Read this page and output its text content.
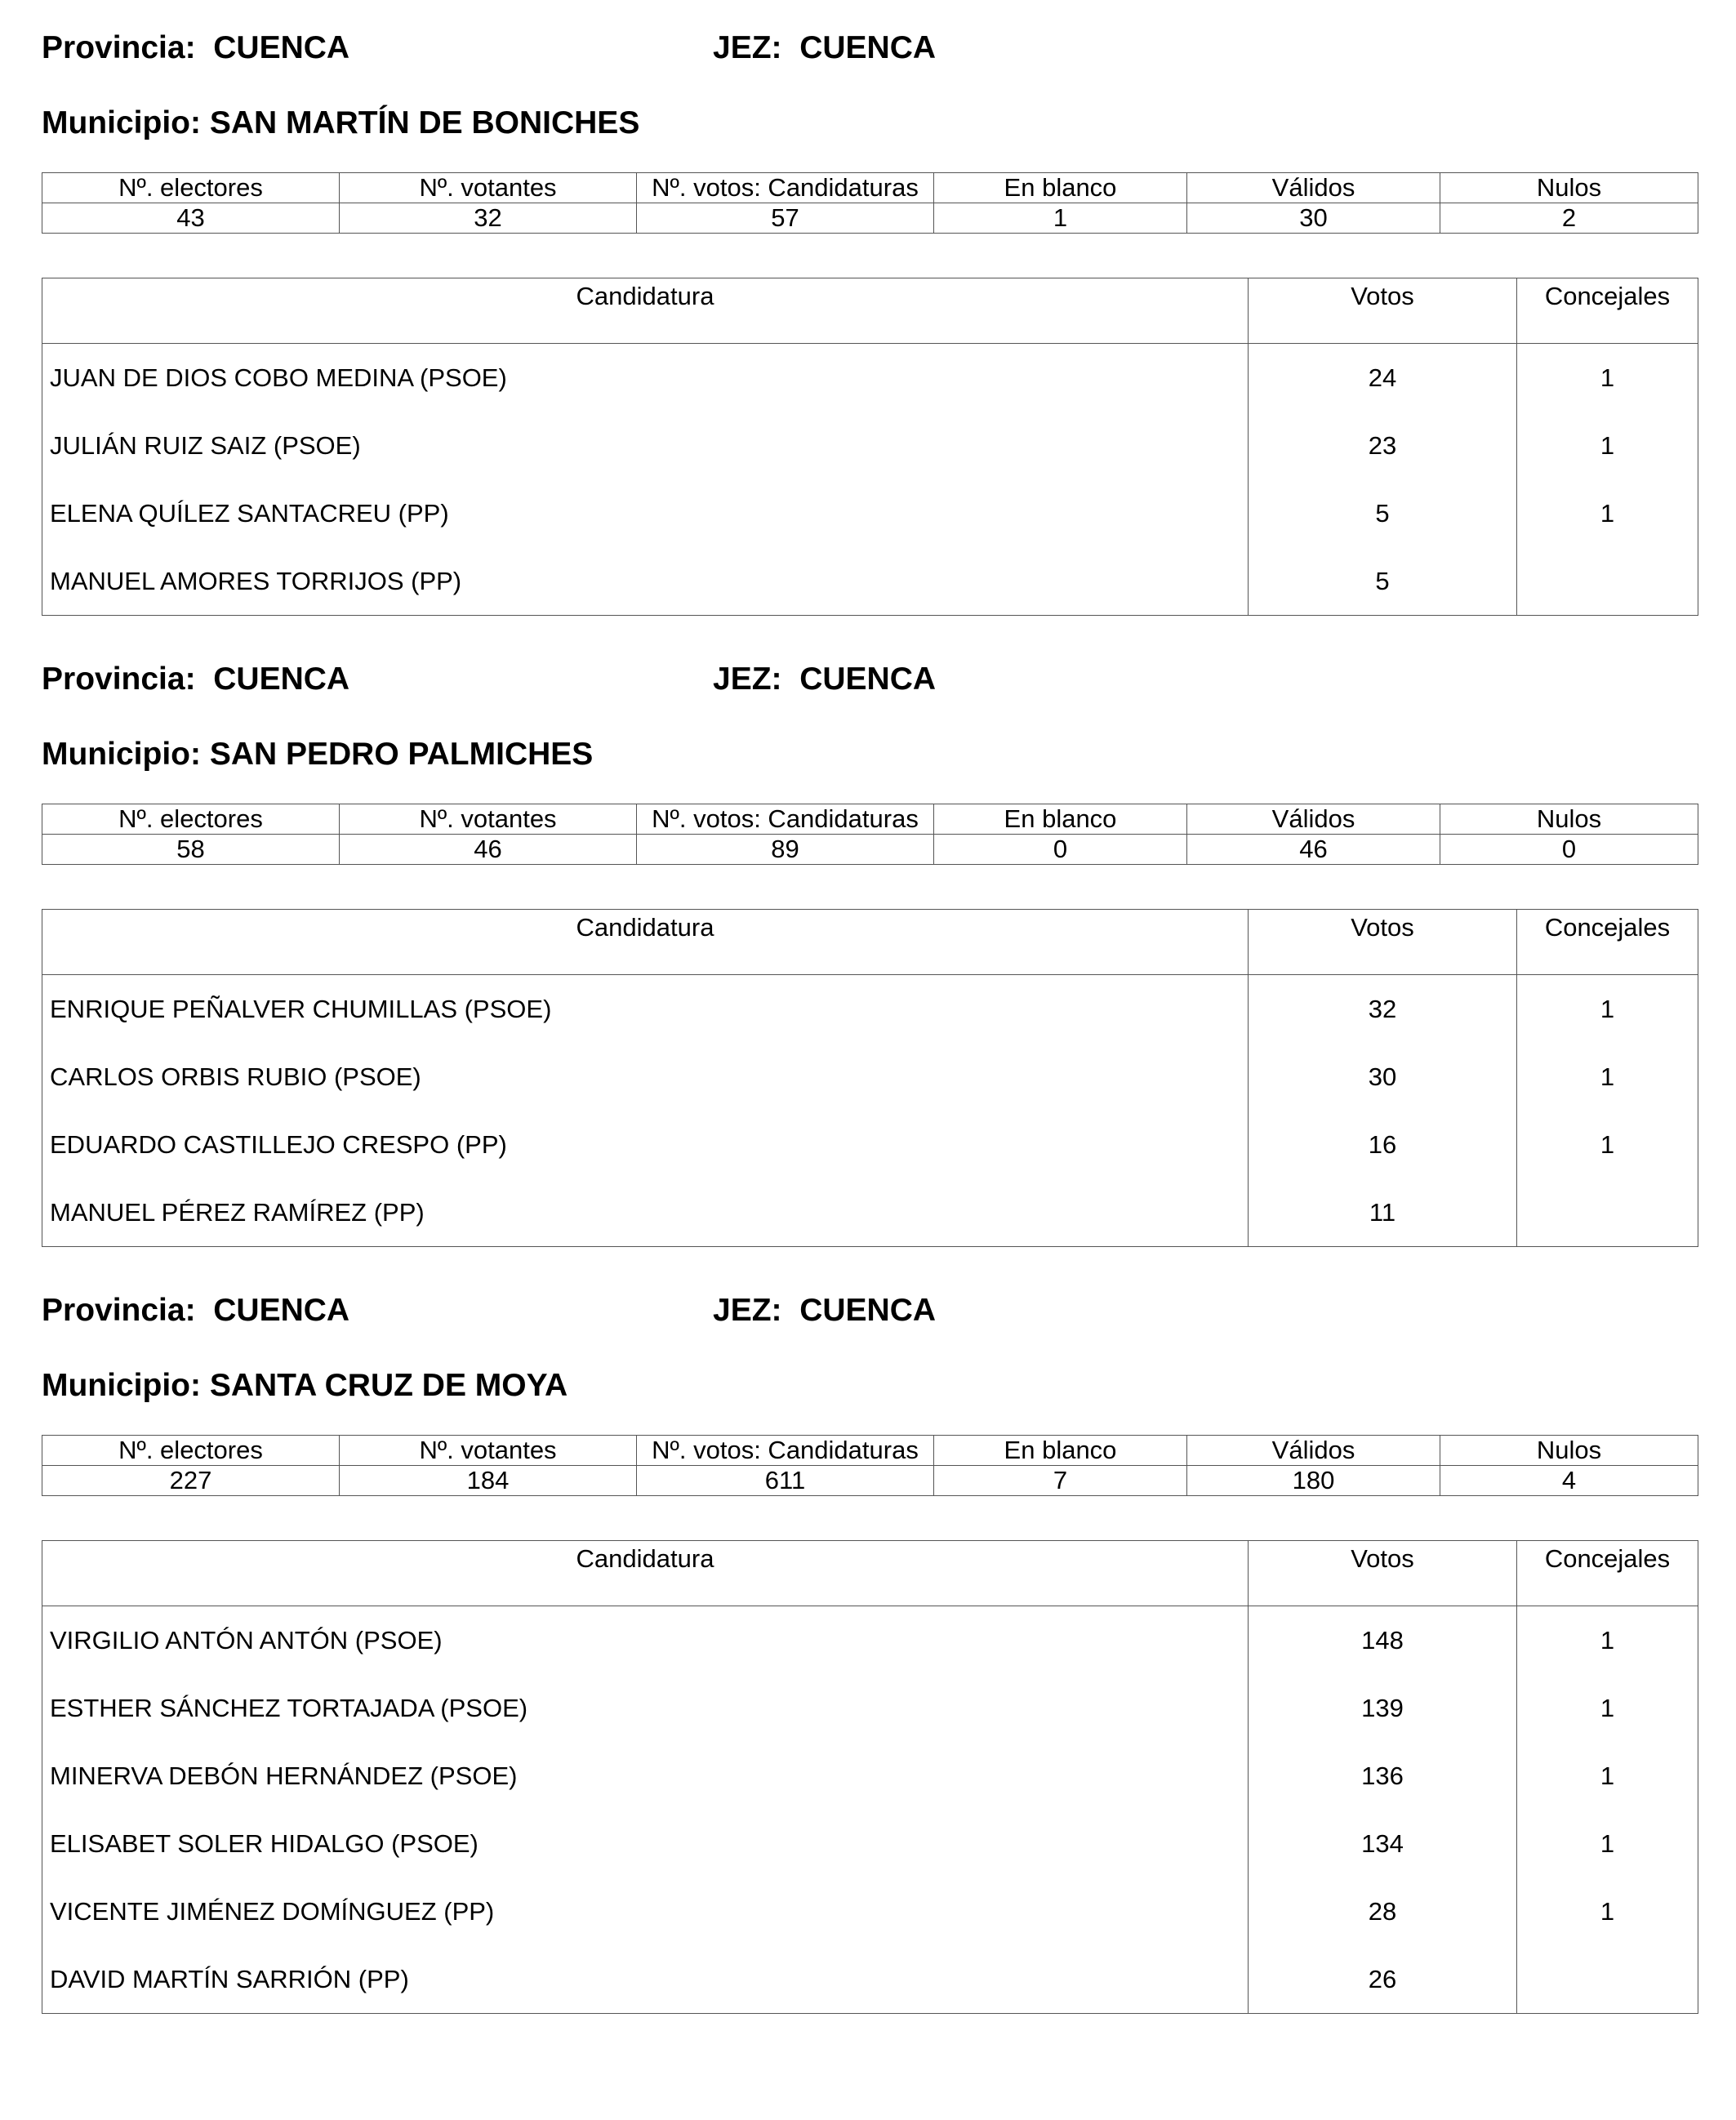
Provincia: CUENCA	JEZ: CUENCA
Municipio: SAN MARTÍN DE BONICHES
Nº. electores	Nº. votantes	Nº. votos: Candidaturas	En blanco	Válidos	Nulos
43	32	57	1	30	2
Candidatura	Votos	Concejales
JUAN DE DIOS COBO MEDINA (PSOE)	24	1
JULIÁN RUIZ SAIZ (PSOE)	23	1
ELENA QUÍLEZ SANTACREU (PP)	5	1
MANUEL AMORES TORRIJOS (PP)	5	
Provincia: CUENCA	JEZ: CUENCA
Municipio: SAN PEDRO PALMICHES
Nº. electores	Nº. votantes	Nº. votos: Candidaturas	En blanco	Válidos	Nulos
58	46	89	0	46	0
Candidatura	Votos	Concejales
ENRIQUE PEÑALVER CHUMILLAS (PSOE)	32	1
CARLOS ORBIS RUBIO (PSOE)	30	1
EDUARDO CASTILLEJO CRESPO (PP)	16	1
MANUEL PÉREZ RAMÍREZ (PP)	11	
Provincia: CUENCA	JEZ: CUENCA
Municipio: SANTA CRUZ DE MOYA
Nº. electores	Nº. votantes	Nº. votos: Candidaturas	En blanco	Válidos	Nulos
227	184	611	7	180	4
Candidatura	Votos	Concejales
VIRGILIO ANTÓN ANTÓN (PSOE)	148	1
ESTHER SÁNCHEZ TORTAJADA (PSOE)	139	1
MINERVA DEBÓN HERNÁNDEZ (PSOE)	136	1
ELISABET SOLER HIDALGO (PSOE)	134	1
VICENTE JIMÉNEZ DOMÍNGUEZ (PP)	28	1
DAVID MARTÍN SARRIÓN (PP)	26	
